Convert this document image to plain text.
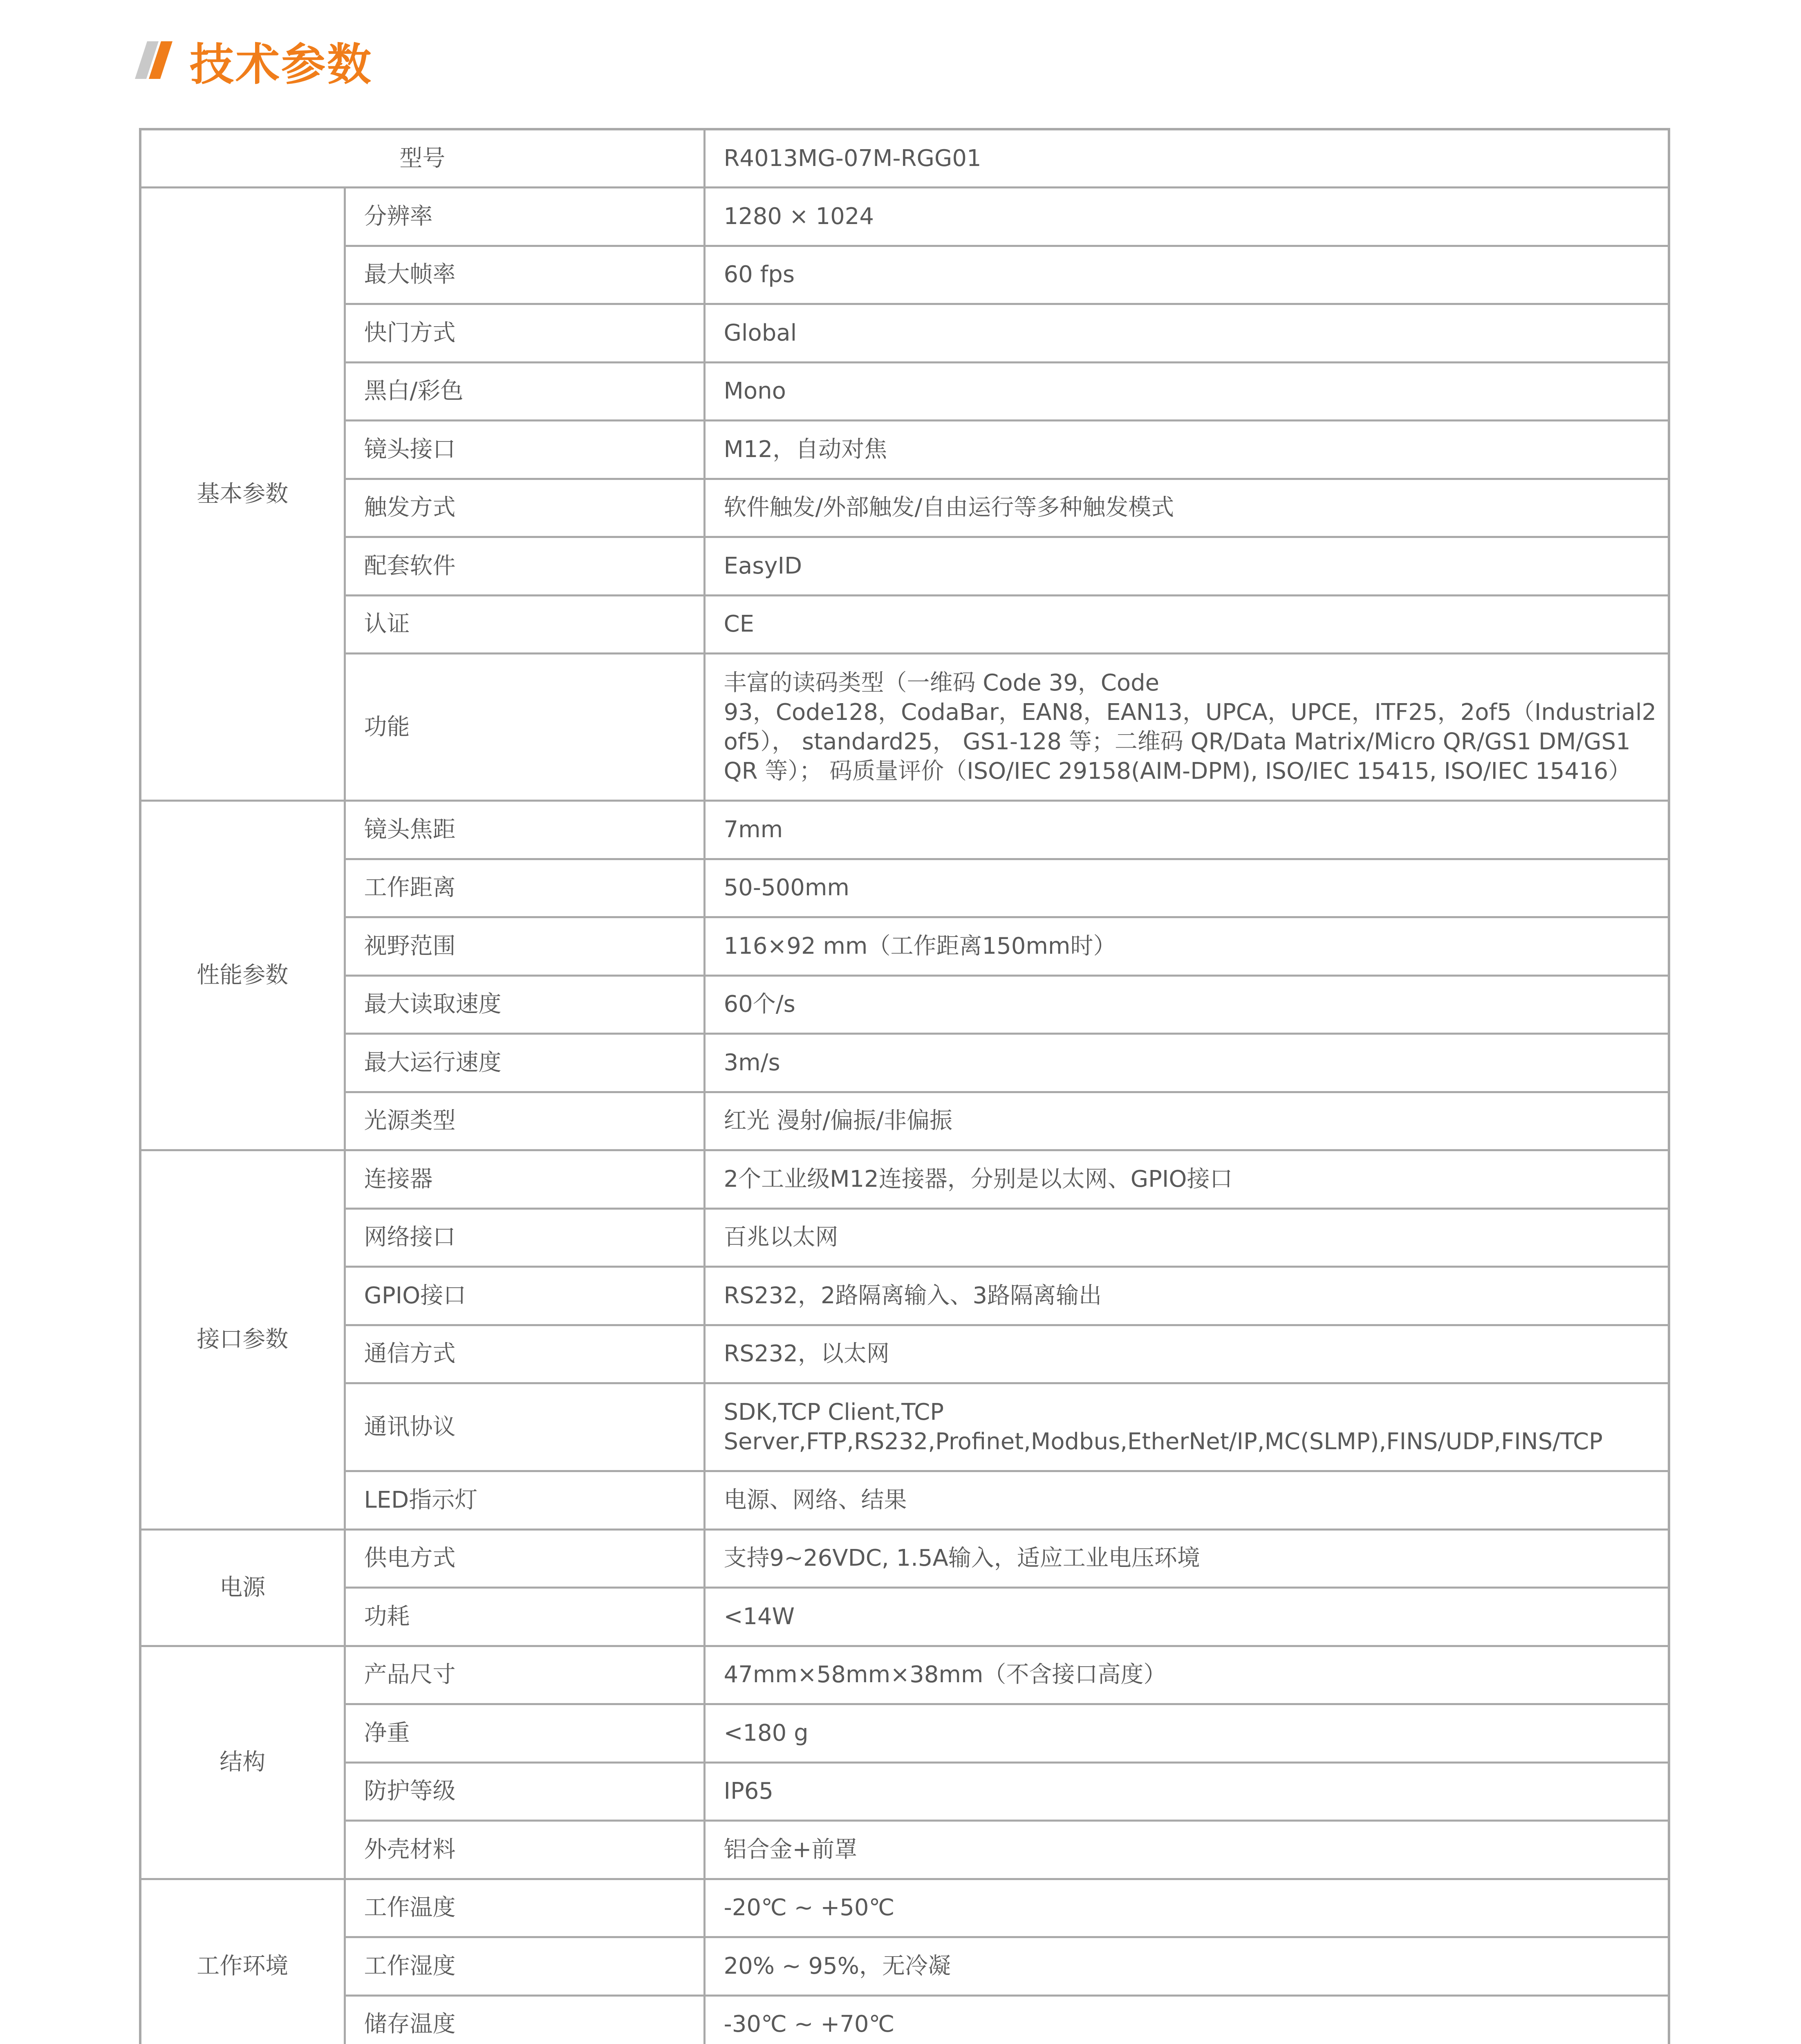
技术参数
型号		R4013MG-07M-RGG01
基本参数	分辨率	1280 × 1024
	最大帧率	60 fps
	快门方式	Global
	黑白/彩色	Mono
	镜头接口	M12，自动对焦
	触发方式	软件触发/外部触发/自由运行等多种触发模式
	配套软件	EasyID
	认证	CE
	功能	丰富的读码类型（一维码 Code 39，Code
93，Code128，CodaBar，EAN8，EAN13，UPCA，UPCE，ITF25，2of5（Industrial2
of5）， standard25， GS1-128 等；二维码 QR/Data Matrix/Micro QR/GS1 DM/GS1
QR 等）； 码质量评价（ISO/IEC 29158(AIM-DPM), ISO/IEC 15415, ISO/IEC 15416）

性能参数	镜头焦距	7mm
	工作距离	50-500mm
	视野范围	116×92 mm（工作距离150mm时）
	最大读取速度	60个/s
	最大运行速度	3m/s
	光源类型	红光 漫射/偏振/非偏振
接口参数	连接器	2个工业级M12连接器，分别是以太网、GPIO接口
	网络接口	百兆以太网
	GPIO接口	RS232，2路隔离输入、3路隔离输出
	通信方式	RS232，以太网
	通讯协议	SDK,TCP Client,TCP
Server,FTP,RS232,Profinet,Modbus,EtherNet/IP,MC(SLMP),FINS/UDP,FINS/TCP

	LED指示灯	电源、网络、结果
电源	供电方式	支持9~26VDC, 1.5A输入，适应工业电压环境
	功耗	<14W
结构	产品尺寸	47mm×58mm×38mm（不含接口高度）
	净重	<180 g
	防护等级	IP65
	外壳材料	铝合金+前罩
工作环境	工作温度	-20℃ ~ +50℃
	工作湿度	20% ~ 95%，无冷凝
	储存温度	-30℃ ~ +70℃
